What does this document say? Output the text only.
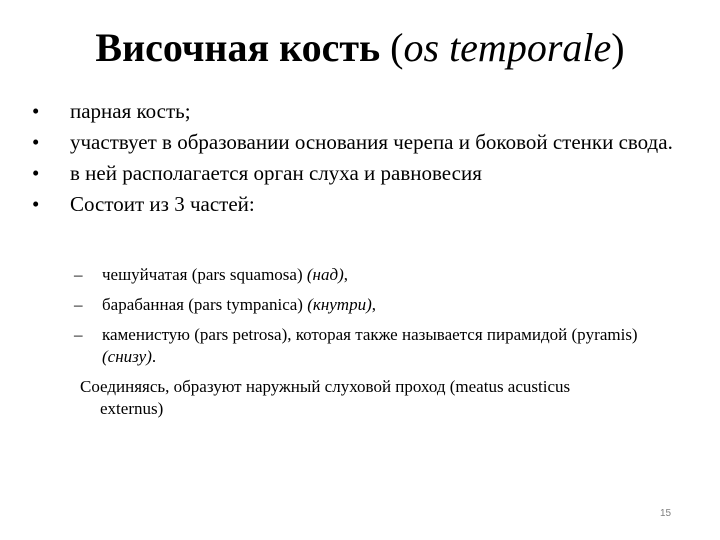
Височная кость (os temporale)
•	парная кость;
•	участвует в образовании основания черепа и боковой стенки свода.
•	в ней располагается орган слуха и равновесия
•	Состоит из 3 частей:
– чешуйчатая (pars squamosa) (над),
– барабанная (pars tympanica) (кнутри),
– каменистую (pars petrosa), которая также называется пирамидой (pyramis) (снизу).
Соединяясь, образуют наружный слуховой проход (meatus acusticus
externus)
15
